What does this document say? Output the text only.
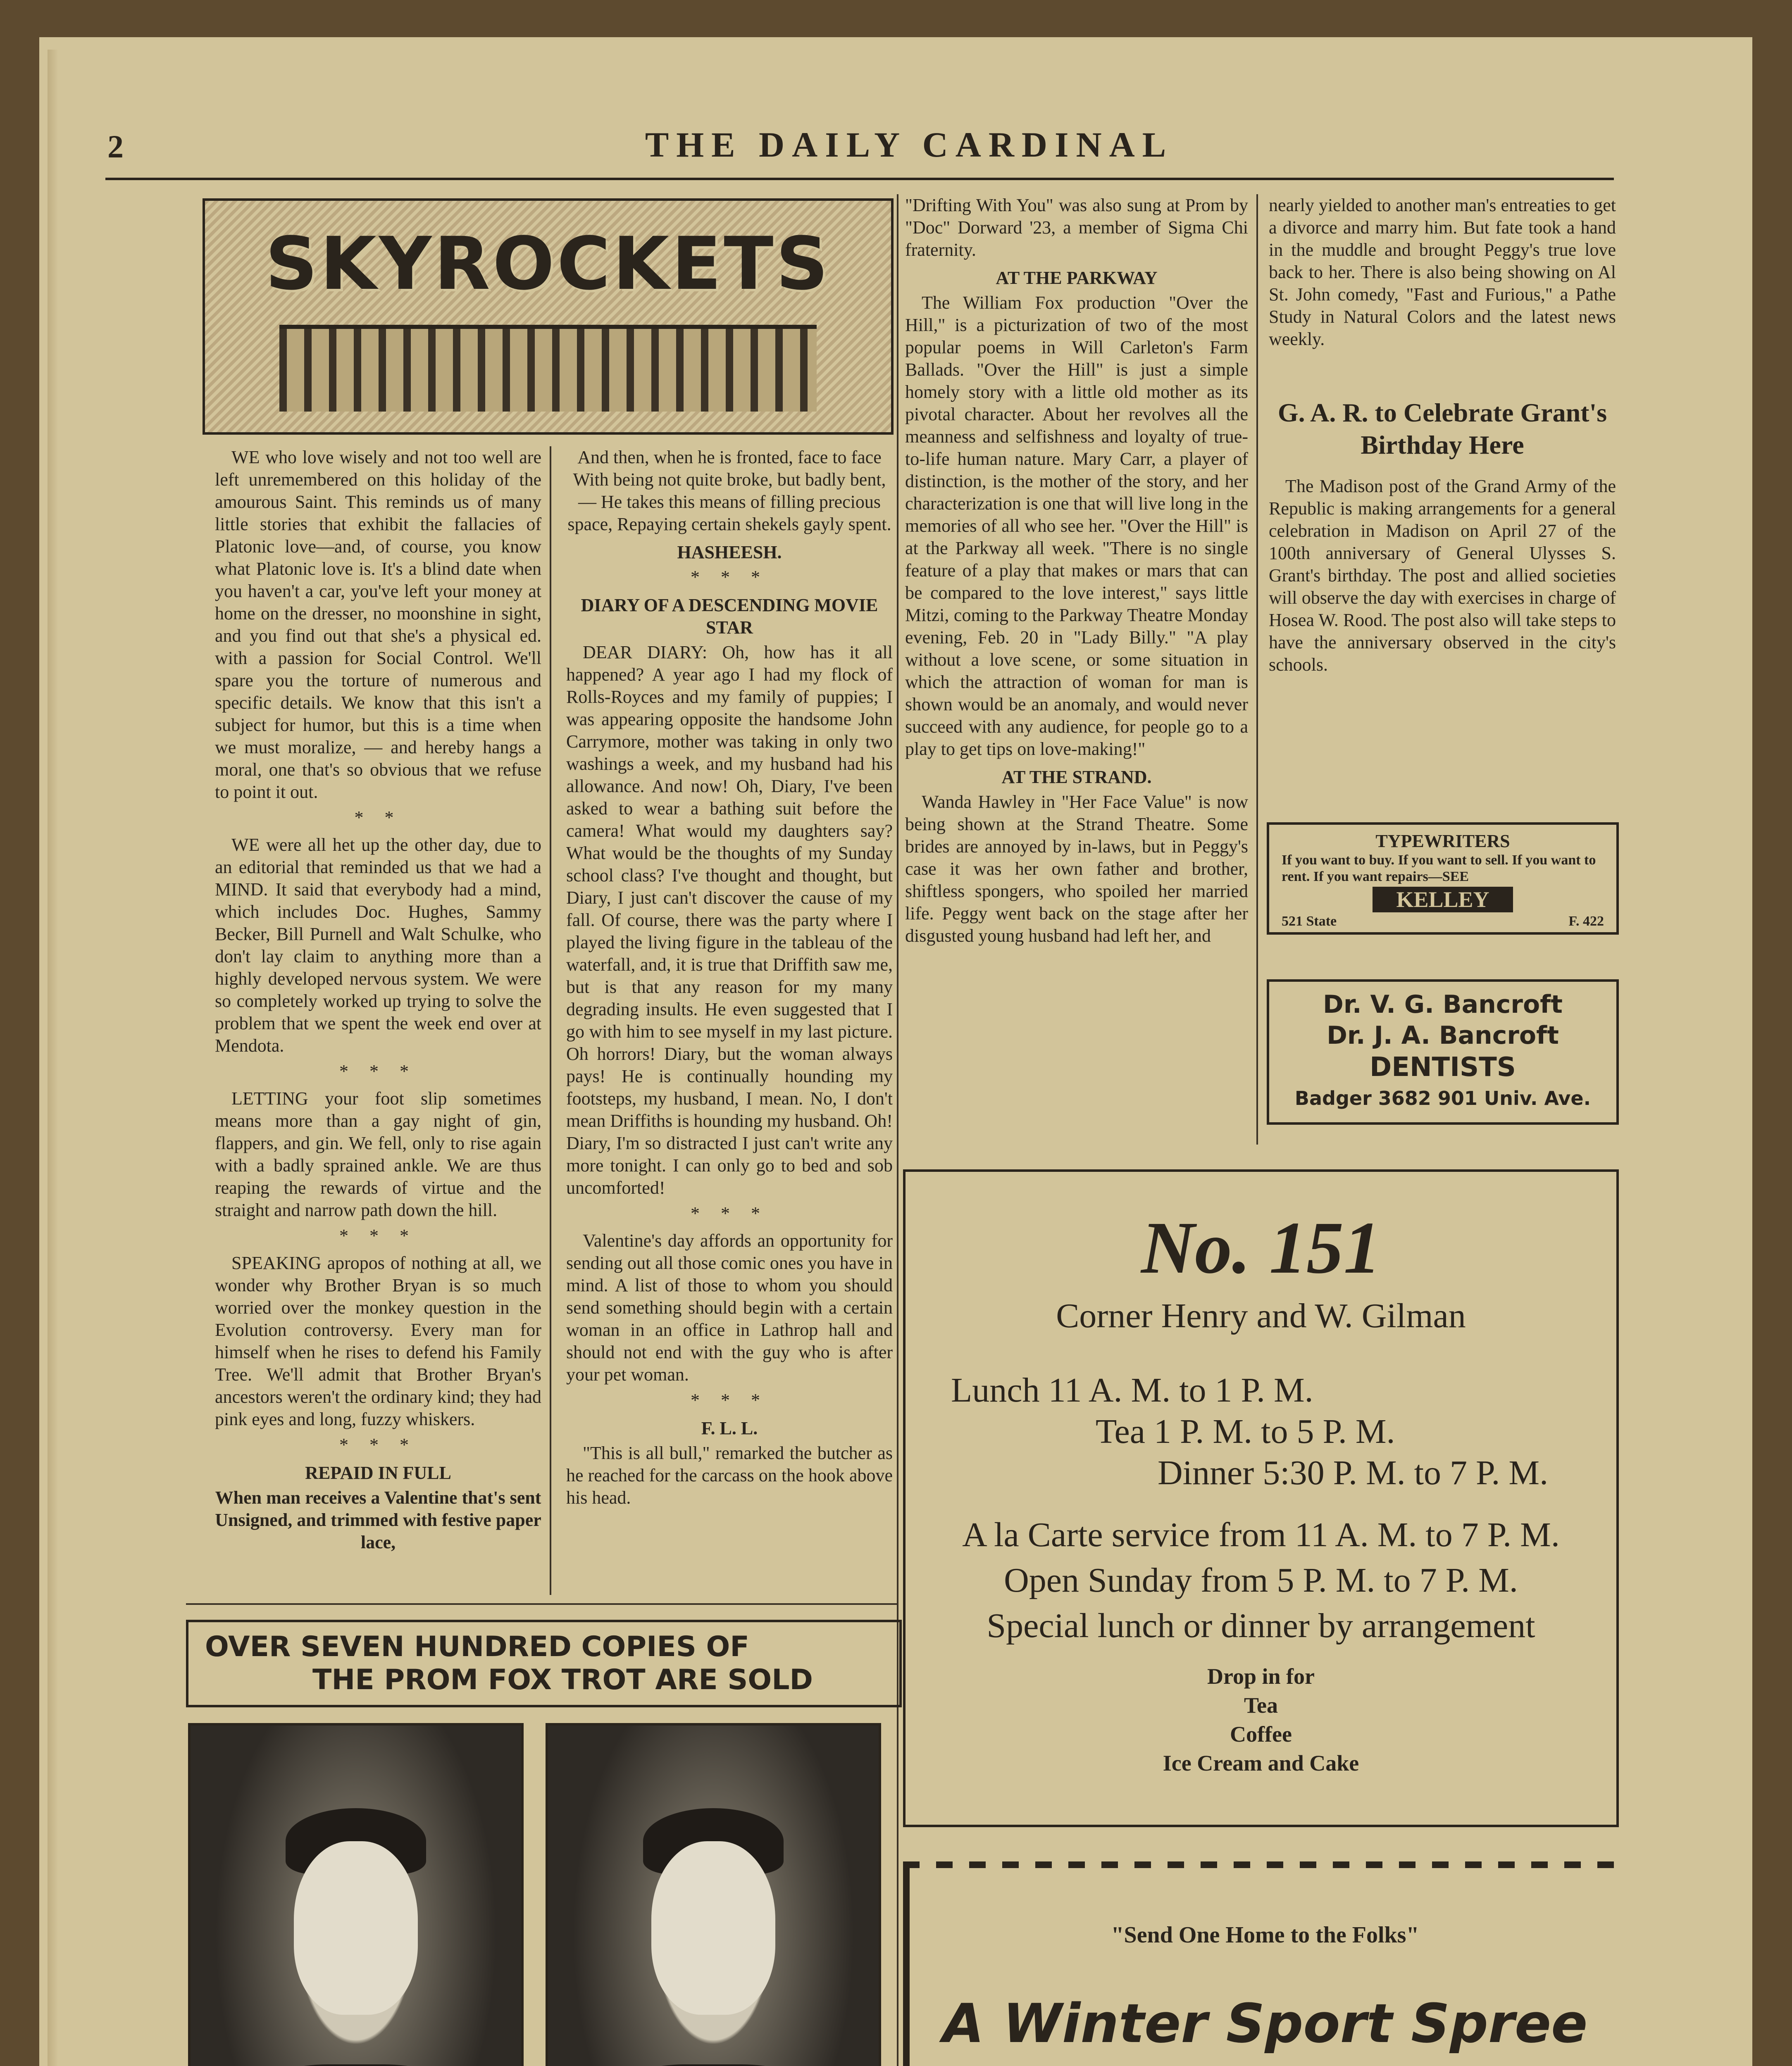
2	THE DAILY CARDINAL
SKYROCKETS

WE who love wisely and not too well are left unremembered on this holiday of the amourous Saint. This reminds us of many little stories that exhibit the fallacies of Platonic love—and, of course, you know what Platonic love is. It's a blind date when you haven't a car, you've left your money at home on the dresser, no moonshine in sight, and you find out that she's a physical ed. with a passion for Social Control. We'll spare you the torture of numerous and specific details. We know that this isn't a subject for humor, but this is a time when we must moralize, — and hereby hangs a moral, one that's so obvious that we refuse to point it out.

* *

WE were all het up the other day, due to an editorial that reminded us that we had a MIND. It said that everybody had a mind, which includes Doc. Hughes, Sammy Becker, Bill Purnell and Walt Schulke, who don't lay claim to anything more than a highly developed nervous system. We were so completely worked up trying to solve the problem that we spent the week end over at Mendota.

* * *

LETTING your foot slip sometimes means more than a gay night of gin, flappers, and gin. We fell, only to rise again with a badly sprained ankle. We are thus reaping the rewards of virtue and the straight and narrow path down the hill.

* * *

SPEAKING apropos of nothing at all, we wonder why Brother Bryan is so much worried over the monkey question in the Evolution controversy. Every man for himself when he rises to defend his Family Tree. We'll admit that Brother Bryan's ancestors weren't the ordinary kind; they had pink eyes and long, fuzzy whiskers.

* * *
REPAID IN FULL

When man receives a Valentine that's sent Unsigned, and trimmed with festive paper lace,

And then, when he is fronted, face to face With being not quite broke, but badly bent,— He takes this means of filling precious space, Repaying certain shekels gayly spent.

HASHEESH.
* * *
DIARY OF A DESCENDING MOVIE STAR

DEAR DIARY: Oh, how has it all happened? A year ago I had my flock of Rolls-Royces and my family of puppies; I was appearing opposite the handsome John Carrymore, mother was taking in only two washings a week, and my husband had his allowance. And now! Oh, Diary, I've been asked to wear a bathing suit before the camera! What would my daughters say? What would be the thoughts of my Sunday school class? I've thought and thought, but Diary, I just can't discover the cause of my fall. Of course, there was the party where I played the living figure in the tableau of the waterfall, and, it is true that Driffith saw me, but is that any reason for my many degrading insults. He even suggested that I go with him to see myself in my last picture. Oh horrors! Diary, but the woman always pays! He is continually hounding my footsteps, my husband, I mean. No, I don't mean Driffiths is hounding my husband. Oh! Diary, I'm so distracted I just can't write any more tonight. I can only go to bed and sob uncomforted!

* * *

Valentine's day affords an opportunity for sending out all those comic ones you have in mind. A list of those to whom you should send something should begin with a certain woman in an office in Lathrop hall and should not end with the guy who is after your pet woman.

* * *
F. L. L.

"This is all bull," remarked the butcher as he reached for the carcass on the hook above his head.

"Drifting With You" was also sung at Prom by "Doc" Dorward '23, a member of Sigma Chi fraternity.

AT THE PARKWAY

The William Fox production "Over the Hill," is a picturization of two of the most popular poems in Will Carleton's Farm Ballads. "Over the Hill" is just a simple homely story with a little old mother as its pivotal character. About her revolves all the meanness and selfishness and loyalty of true-to-life human nature. Mary Carr, a player of distinction, is the mother of the story, and her characterization is one that will live long in the memories of all who see her. "Over the Hill" is at the Parkway all week. "There is no single feature of a play that makes or mars that can be compared to the love interest," says little Mitzi, coming to the Parkway Theatre Monday evening, Feb. 20 in "Lady Billy." "A play without a love scene, or some situation in which the attraction of woman for man is shown would be an anomaly, and would never succeed with any audience, for people go to a play to get tips on love-making!"

AT THE STRAND.

Wanda Hawley in "Her Face Value" is now being shown at the Strand Theatre. Some brides are annoyed by in-laws, but in Peggy's case it was her own father and brother, shiftless spongers, who spoiled her married life. Peggy went back on the stage after her disgusted young husband had left her, and

nearly yielded to another man's entreaties to get a divorce and marry him. But fate took a hand in the muddle and brought Peggy's true love back to her. There is also being showing on Al St. John comedy, "Fast and Furious," a Pathe Study in Natural Colors and the latest news weekly.

G. A. R. to Celebrate Grant's Birthday Here

The Madison post of the Grand Army of the Republic is making arrangements for a general celebration in Madison on April 27 of the 100th anniversary of General Ulysses S. Grant's birthday. The post and allied societies will observe the day with exercises in charge of Hosea W. Rood. The post also will take steps to have the anniversary observed in the city's schools.

TYPEWRITERS
If you want to buy. If you want to sell. If you want to rent. If you want repairs—SEE
KELLEY
521 State	F. 422
Dr. V. G. Bancroft
Dr. J. A. Bancroft
DENTISTS
Badger 3682 901 Univ. Ave.
OVER SEVEN HUNDRED COPIES OF
THE PROM FOX TROT ARE SOLD

No. 151
Corner Henry and W. Gilman
Lunch 11 A. M. to 1 P. M.
Tea 1 P. M. to 5 P. M.
Dinner 5:30 P. M. to 7 P. M.
A la Carte service from 11 A. M. to 7 P. M.
Open Sunday from 5 P. M. to 7 P. M.
Special lunch or dinner by arrangement
Drop in for
Tea
Coffee
Ice Cream and Cake
"Send One Home to the Folks"
A Winter Sport Spree
